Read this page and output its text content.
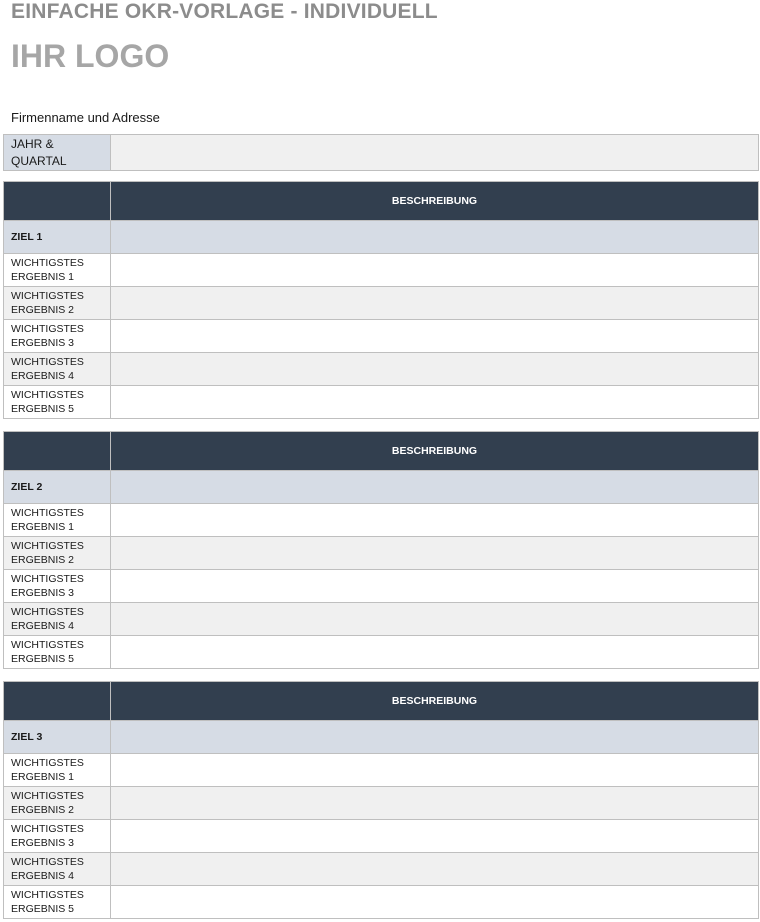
EINFACHE OKR-VORLAGE - INDIVIDUELL
IHR LOGO
Firmenname und Adresse
JAHR &
QUARTAL

	BESCHREIBUNG
ZIEL 1	

WICHTIGSTES
ERGEBNIS 1	

WICHTIGSTES
ERGEBNIS 2	

WICHTIGSTES
ERGEBNIS 3	

WICHTIGSTES
ERGEBNIS 4	

WICHTIGSTES
ERGEBNIS 5	

	BESCHREIBUNG
ZIEL 2	

WICHTIGSTES
ERGEBNIS 1	

WICHTIGSTES
ERGEBNIS 2	

WICHTIGSTES
ERGEBNIS 3	

WICHTIGSTES
ERGEBNIS 4	

WICHTIGSTES
ERGEBNIS 5	

	BESCHREIBUNG
ZIEL 3	

WICHTIGSTES
ERGEBNIS 1	

WICHTIGSTES
ERGEBNIS 2	

WICHTIGSTES
ERGEBNIS 3	

WICHTIGSTES
ERGEBNIS 4	

WICHTIGSTES
ERGEBNIS 5	
